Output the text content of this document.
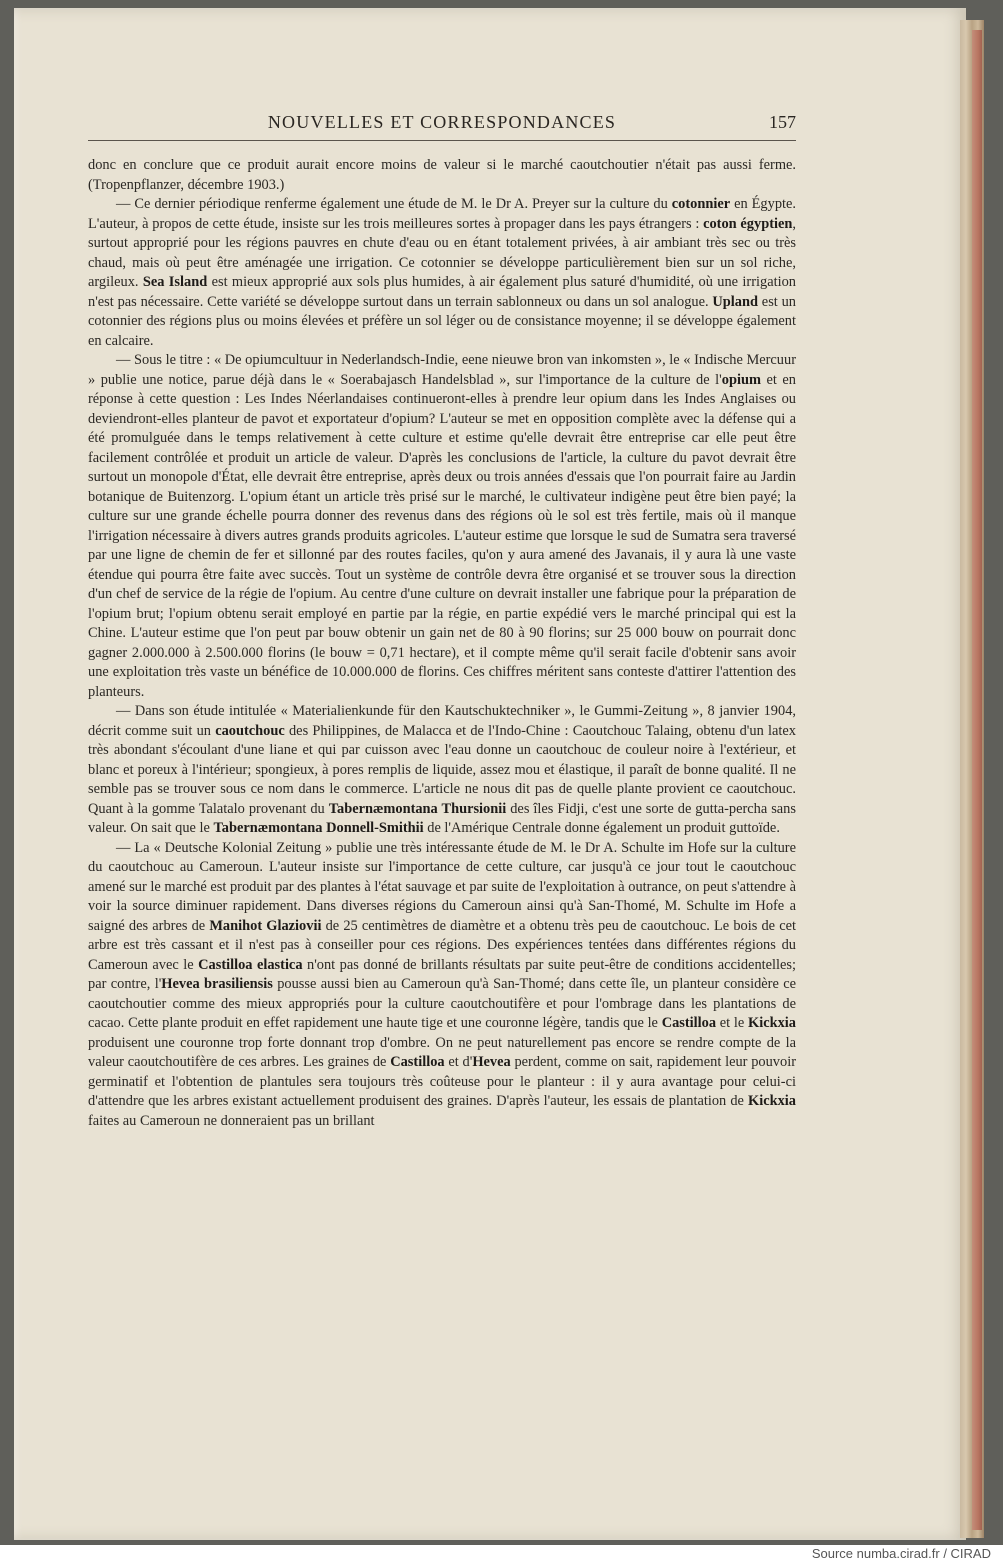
NOUVELLES ET CORRESPONDANCES	157

donc en conclure que ce produit aurait encore moins de valeur si le marché caoutchoutier n'était pas aussi ferme. (Tropenpflanzer, décembre 1903.)

— Ce dernier périodique renferme également une étude de M. le Dr A. Preyer sur la culture du cotonnier en Égypte. L'auteur, à propos de cette étude, insiste sur les trois meilleures sortes à propager dans les pays étrangers : coton égyptien, surtout approprié pour les régions pauvres en chute d'eau ou en étant totalement privées, à air ambiant très sec ou très chaud, mais où peut être aménagée une irrigation. Ce cotonnier se développe particulièrement bien sur un sol riche, argileux. Sea Island est mieux approprié aux sols plus humides, à air également plus saturé d'humidité, où une irrigation n'est pas nécessaire. Cette variété se développe surtout dans un terrain sablonneux ou dans un sol analogue. Upland est un cotonnier des régions plus ou moins élevées et préfère un sol léger ou de consistance moyenne; il se développe également en calcaire.

— Sous le titre : « De opiumcultuur in Nederlandsch-Indie, eene nieuwe bron van inkomsten », le « Indische Mercuur » publie une notice, parue déjà dans le « Soerabajasch Handelsblad », sur l'importance de la culture de l'opium et en réponse à cette question : Les Indes Néerlandaises continueront-elles à prendre leur opium dans les Indes Anglaises ou deviendront-elles planteur de pavot et exportateur d'opium? L'auteur se met en opposition complète avec la défense qui a été promulguée dans le temps relativement à cette culture et estime qu'elle devrait être entreprise car elle peut être facilement contrôlée et produit un article de valeur. D'après les conclusions de l'article, la culture du pavot devrait être surtout un monopole d'État, elle devrait être entreprise, après deux ou trois années d'essais que l'on pourrait faire au Jardin botanique de Buitenzorg. L'opium étant un article très prisé sur le marché, le cultivateur indigène peut être bien payé; la culture sur une grande échelle pourra donner des revenus dans des régions où le sol est très fertile, mais où il manque l'irrigation nécessaire à divers autres grands produits agricoles. L'auteur estime que lorsque le sud de Sumatra sera traversé par une ligne de chemin de fer et sillonné par des routes faciles, qu'on y aura amené des Javanais, il y aura là une vaste étendue qui pourra être faite avec succès. Tout un système de contrôle devra être organisé et se trouver sous la direction d'un chef de service de la régie de l'opium. Au centre d'une culture on devrait installer une fabrique pour la préparation de l'opium brut; l'opium obtenu serait employé en partie par la régie, en partie expédié vers le marché principal qui est la Chine. L'auteur estime que l'on peut par bouw obtenir un gain net de 80 à 90 florins; sur 25 000 bouw on pourrait donc gagner 2.000.000 à 2.500.000 florins (le bouw = 0,71 hectare), et il compte même qu'il serait facile d'obtenir sans avoir une exploitation très vaste un bénéfice de 10.000.000 de florins. Ces chiffres méritent sans conteste d'attirer l'attention des planteurs.

— Dans son étude intitulée « Materialienkunde für den Kautschuktechniker », le Gummi-Zeitung », 8 janvier 1904, décrit comme suit un caoutchouc des Philippines, de Malacca et de l'Indo-Chine : Caoutchouc Talaing, obtenu d'un latex très abondant s'écoulant d'une liane et qui par cuisson avec l'eau donne un caoutchouc de couleur noire à l'extérieur, et blanc et poreux à l'intérieur; spongieux, à pores remplis de liquide, assez mou et élastique, il paraît de bonne qualité. Il ne semble pas se trouver sous ce nom dans le commerce. L'article ne nous dit pas de quelle plante provient ce caoutchouc. Quant à la gomme Talatalo provenant du Tabernæmontana Thursionii des îles Fidji, c'est une sorte de gutta-percha sans valeur. On sait que le Tabernæmontana Donnell-Smithii de l'Amérique Centrale donne également un produit guttoïde.

— La « Deutsche Kolonial Zeitung » publie une très intéressante étude de M. le Dr A. Schulte im Hofe sur la culture du caoutchouc au Cameroun. L'auteur insiste sur l'importance de cette culture, car jusqu'à ce jour tout le caoutchouc amené sur le marché est produit par des plantes à l'état sauvage et par suite de l'exploitation à outrance, on peut s'attendre à voir la source diminuer rapidement. Dans diverses régions du Cameroun ainsi qu'à San-Thomé, M. Schulte im Hofe a saigné des arbres de Manihot Glaziovii de 25 centimètres de diamètre et a obtenu très peu de caoutchouc. Le bois de cet arbre est très cassant et il n'est pas à conseiller pour ces régions. Des expériences tentées dans différentes régions du Cameroun avec le Castilloa elastica n'ont pas donné de brillants résultats par suite peut-être de conditions accidentelles; par contre, l'Hevea brasiliensis pousse aussi bien au Cameroun qu'à San-Thomé; dans cette île, un planteur considère ce caoutchoutier comme des mieux appropriés pour la culture caoutchoutifère et pour l'ombrage dans les plantations de cacao. Cette plante produit en effet rapidement une haute tige et une couronne légère, tandis que le Castilloa et le Kickxia produisent une couronne trop forte donnant trop d'ombre. On ne peut naturellement pas encore se rendre compte de la valeur caoutchoutifère de ces arbres. Les graines de Castilloa et d'Hevea perdent, comme on sait, rapidement leur pouvoir germinatif et l'obtention de plantules sera toujours très coûteuse pour le planteur : il y aura avantage pour celui-ci d'attendre que les arbres existant actuellement produisent des graines. D'après l'auteur, les essais de plantation de Kickxia faites au Cameroun ne donneraient pas un brillant

Source numba.cirad.fr / CIRAD
